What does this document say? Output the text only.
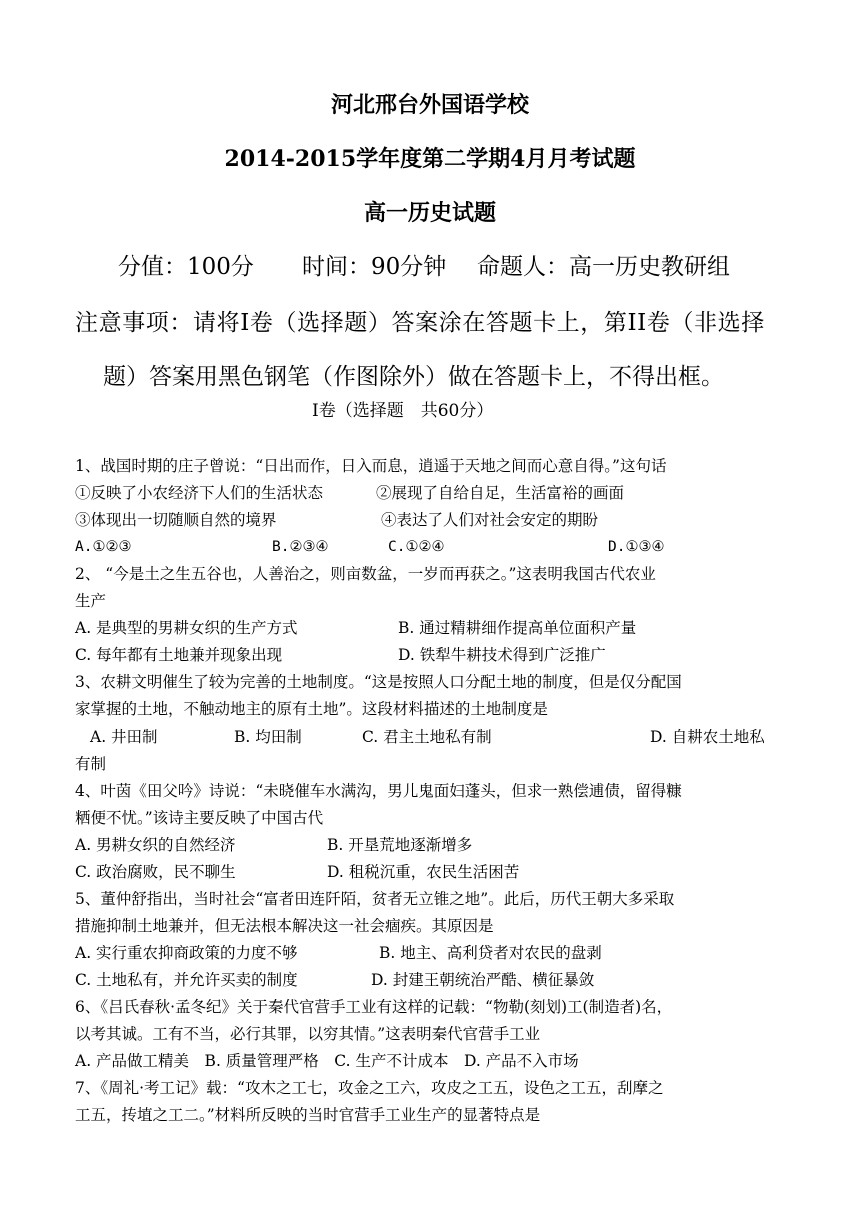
河北邢台外国语学校
2014-2015学年度第二学期4月月考试题
高一历史试题
分值：100分 时间：90分钟 命题人：高一历史教研组
注意事项：请将I卷（选择题）答案涂在答题卡上，第II卷（非选择
题）答案用黑色钢笔（作图除外）做在答题卡上，不得出框。
I卷（选择题　共60分）
1、战国时期的庄子曾说：“日出而作，日入而息，逍遥于天地之间而心意自得。”这句话
①反映了小农经济下人们的生活状态	②展现了自给自足，生活富裕的画面
③体现出一切随顺自然的境界	④表达了人们对社会安定的期盼
A.①②③	B.②③④	C.①②④	D.①③④
2、 “今是土之生五谷也，人善治之，则亩数盆，一岁而再获之。”这表明我国古代农业
生产
A. 是典型的男耕女织的生产方式	B. 通过精耕细作提高单位面积产量
C. 每年都有土地兼并现象出现	D. 铁犁牛耕技术得到广泛推广
3、农耕文明催生了较为完善的土地制度。“这是按照人口分配土地的制度，但是仅分配国
家掌握的土地，不触动地主的原有土地”。这段材料描述的土地制度是
A. 井田制	B. 均田制	C. 君主土地私有制	D. 自耕农土地私
有制
4、叶茵《田父吟》诗说：“未晓催车水满沟，男儿鬼面妇蓬头，但求一熟偿逋债，留得糠
粞便不忧。”该诗主要反映了中国古代
A. 男耕女织的自然经济	B. 开垦荒地逐渐增多
C. 政治腐败，民不聊生	D. 租税沉重，农民生活困苦
5、董仲舒指出，当时社会“富者田连阡陌，贫者无立锥之地”。此后，历代王朝大多采取
措施抑制土地兼并，但无法根本解决这一社会痼疾。其原因是
A. 实行重农抑商政策的力度不够	B. 地主、高利贷者对农民的盘剥
C. 土地私有，并允许买卖的制度	D. 封建王朝统治严酷、横征暴敛
6、《吕氏春秋·孟冬纪》关于秦代官营手工业有这样的记载：“物勒(刻划)工(制造者)名，
以考其诚。工有不当，必行其罪，以穷其情。”这表明秦代官营手工业
A. 产品做工精美　B. 质量管理严格　C. 生产不计成本　D. 产品不入市场
7、《周礼·考工记》载：“攻木之工七，攻金之工六，攻皮之工五，设色之工五，刮摩之
工五，抟埴之工二。”材料所反映的当时官营手工业生产的显著特点是
